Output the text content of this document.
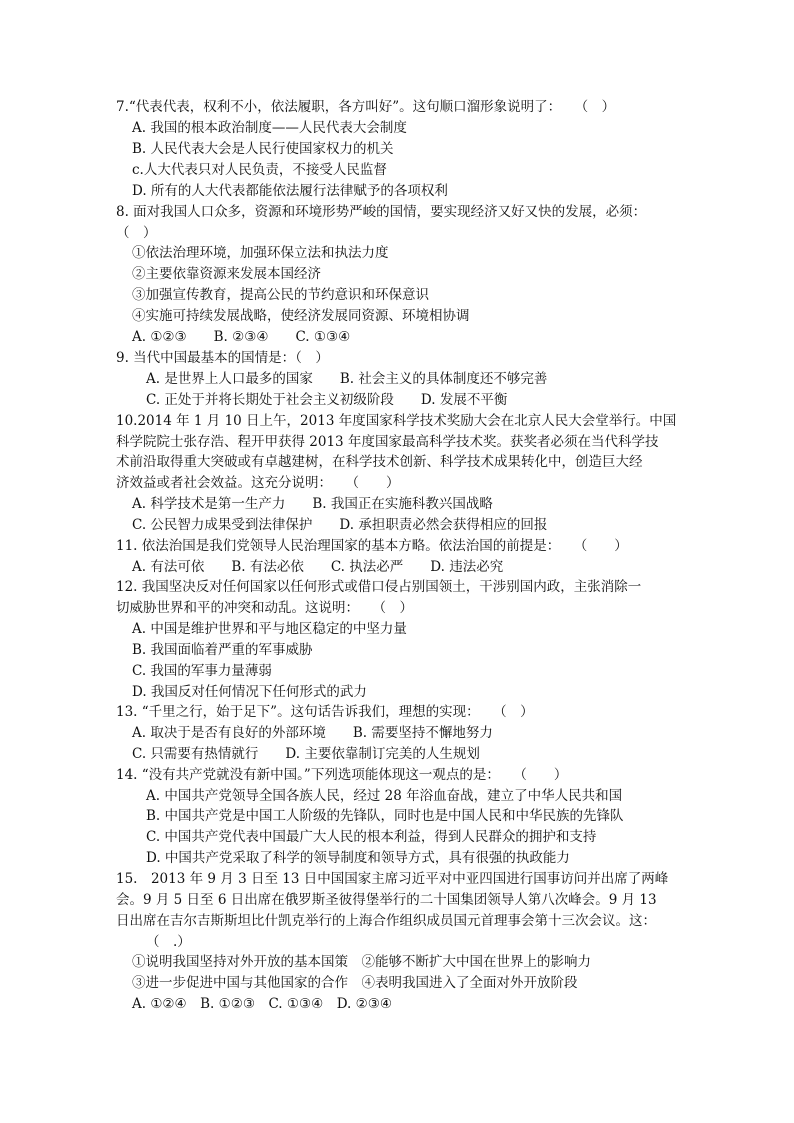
7.“代表代表，权利不小，依法履职，各方叫好”。这句顺口溜形象说明了：　　（　）
A. 我国的根本政治制度——人民代表大会制度
B. 人民代表大会是人民行使国家权力的机关
c.人大代表只对人民负责，不接受人民监督
D. 所有的人大代表都能依法履行法律赋予的各项权利
8. 面对我国人口众多，资源和环境形势严峻的国情，要实现经济又好又快的发展，必须：
（　）
①依法治理环境，加强环保立法和执法力度
②主要依靠资源来发展本国经济
③加强宣传教育，提高公民的节约意识和环保意识
④实施可持续发展战略，使经济发展同资源、环境相协调
A. ①②③　　B. ②③④　　C. ①③④
9. 当代中国最基本的国情是：（　）
A. 是世界上人口最多的国家　　B. 社会主义的具体制度还不够完善
C. 正处于并将长期处于社会主义初级阶段　　D. 发展不平衡
10.2014 年 1 月 10 日上午，2013 年度国家科学技术奖励大会在北京人民大会堂举行。中国
科学院院士张存浩、程开甲获得 2013 年度国家最高科学技术奖。获奖者必须在当代科学技
术前沿取得重大突破或有卓越建树，在科学技术创新、科学技术成果转化中，创造巨大经
济效益或者社会效益。这充分说明：　　（　　）
A. 科学技术是第一生产力　　B. 我国正在实施科教兴国战略
C. 公民智力成果受到法律保护　　D. 承担职责必然会获得相应的回报
11. 依法治国是我们党领导人民治理国家的基本方略。依法治国的前提是：　　（　　）
A. 有法可依　　B. 有法必依　　C. 执法必严　　D. 违法必究
12. 我国坚决反对任何国家以任何形式或借口侵占别国领土，干涉别国内政，主张消除一
切威胁世界和平的冲突和动乱。这说明：　　（　）
A. 中国是维护世界和平与地区稳定的中坚力量
B. 我国面临着严重的军事威胁
C. 我国的军事力量薄弱
D. 我国反对任何情况下任何形式的武力
13. “千里之行，始于足下”。这句话告诉我们，理想的实现：　　（　）
A. 取决于是否有良好的外部环境　　B. 需要坚持不懈地努力
C. 只需要有热情就行　　D. 主要依靠制订完美的人生规划
14. “没有共产党就没有新中国。”下列选项能体现这一观点的是：　　（　　）
A. 中国共产党领导全国各族人民，经过 28 年浴血奋战，建立了中华人民共和国
B. 中国共产党是中国工人阶级的先锋队，同时也是中国人民和中华民族的先锋队
C. 中国共产党代表中国最广大人民的根本利益，得到人民群众的拥护和支持
D. 中国共产党采取了科学的领导制度和领导方式，具有很强的执政能力
15.　2013 年 9 月 3 日至 13 日中国国家主席习近平对中亚四国进行国事访问并出席了两峰
会。9 月 5 日至 6 日出席在俄罗斯圣彼得堡举行的二十国集团领导人第八次峰会。9 月 13
日出席在吉尔吉斯斯坦比什凯克举行的上海合作组织成员国元首理事会第十三次会议。这：
（　.）
①说明我国坚持对外开放的基本国策　②能够不断扩大中国在世界上的影响力
③进一步促进中国与其他国家的合作　④表明我国进入了全面对外开放阶段
A. ①②④　B. ①②③　C. ①③④　D. ②③④
